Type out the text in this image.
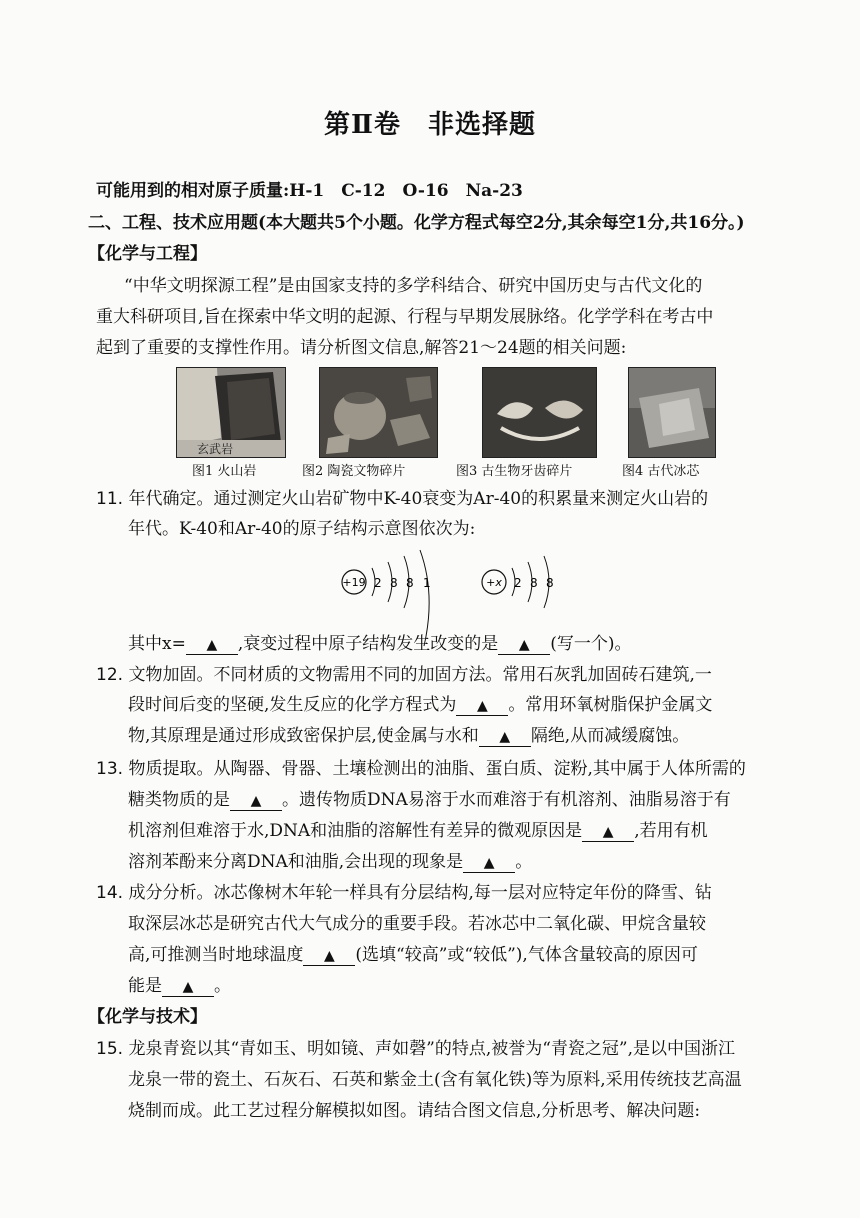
第Ⅱ卷　非选择题
可能用到的相对原子质量:H-1　C-12　O-16　Na-23
二、工程、技术应用题(本大题共5个小题。化学方程式每空2分,其余每空1分,共16分。)
【化学与工程】
“中华文明探源工程”是由国家支持的多学科结合、研究中国历史与古代文化的
重大科研项目,旨在探索中华文明的起源、行程与早期发展脉络。化学学科在考古中
起到了重要的支撑性作用。请分析图文信息,解答21～24题的相关问题:
玄武岩
图1 火山岩	图2 陶瓷文物碎片	图3 古生物牙齿碎片	图4 古代冰芯
11. 年代确定。通过测定火山岩矿物中K-40衰变为Ar-40的积累量来测定火山岩的
年代。K-40和Ar-40的原子结构示意图依次为:
+19 2 8 8 1	+x 2 8 8
其中x= ▲ ,衰变过程中原子结构发生改变的是 ▲ (写一个)。
12. 文物加固。不同材质的文物需用不同的加固方法。常用石灰乳加固砖石建筑,一
段时间后变的坚硬,发生反应的化学方程式为 ▲ 。常用环氧树脂保护金属文
物,其原理是通过形成致密保护层,使金属与水和 ▲ 隔绝,从而减缓腐蚀。
13. 物质提取。从陶器、骨器、土壤检测出的油脂、蛋白质、淀粉,其中属于人体所需的
糖类物质的是 ▲ 。遗传物质DNA易溶于水而难溶于有机溶剂、油脂易溶于有
机溶剂但难溶于水,DNA和油脂的溶解性有差异的微观原因是 ▲ ,若用有机
溶剂苯酚来分离DNA和油脂,会出现的现象是 ▲ 。
14. 成分分析。冰芯像树木年轮一样具有分层结构,每一层对应特定年份的降雪、钻
取深层冰芯是研究古代大气成分的重要手段。若冰芯中二氧化碳、甲烷含量较
高,可推测当时地球温度 ▲ (选填“较高”或“较低”),气体含量较高的原因可
能是 ▲ 。
【化学与技术】
15. 龙泉青瓷以其“青如玉、明如镜、声如磬”的特点,被誉为“青瓷之冠”,是以中国浙江
龙泉一带的瓷土、石灰石、石英和紫金土(含有氧化铁)等为原料,采用传统技艺高温
烧制而成。此工艺过程分解模拟如图。请结合图文信息,分析思考、解决问题:
